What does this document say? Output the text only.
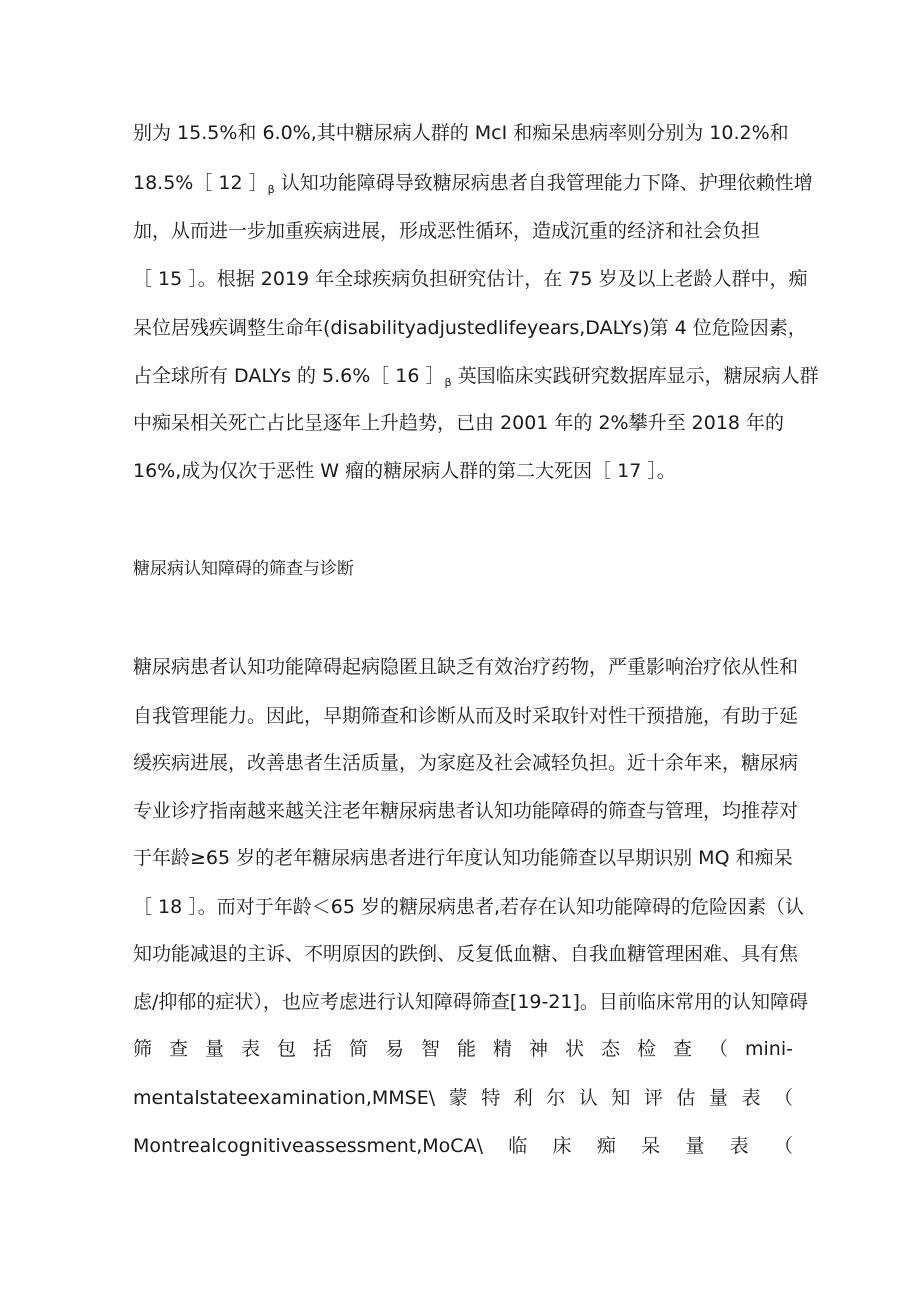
别为 15.5%和 6.0%,其中糖尿病人群的 McI 和痴呆患病率则分别为 10.2%和
18.5%［ 12 $]_\beta$ 认知功能障碍导致糖尿病患者自我管理能力下降、护理依赖性增
加，从而进一步加重疾病进展，形成恶性循环，造成沉重的经济和社会负担
［ 15 ］。根据 2019 年全球疾病负担研究估计，在 75 岁及以上老龄人群中，痴
呆位居残疾调整生命年(disabilityadjustedlifeyears,DALYs)第 4 位危险因素，
占全球所有 DALYs 的 5.6%［ 16 $]_\beta$ 英国临床实践研究数据库显示，糖尿病人群
中痴呆相关死亡占比呈逐年上升趋势，已由 2001 年的 2%攀升至 2018 年的
16%,成为仅次于恶性 W 瘤的糖尿病人群的第二大死因［ 17 ］。
糖尿病认知障碍的筛查与诊断
糖尿病患者认知功能障碍起病隐匿且缺乏有效治疗药物，严重影响治疗依从性和
自我管理能力。因此，早期筛查和诊断从而及时采取针对性干预措施，有助于延
缓疾病进展，改善患者生活质量，为家庭及社会减轻负担。近十余年来，糖尿病
专业诊疗指南越来越关注老年糖尿病患者认知功能障碍的筛查与管理，均推荐对
于年龄≥65 岁的老年糖尿病患者进行年度认知功能筛查以早期识别 MQ 和痴呆
［ 18 ］。而对于年龄＜65 岁的糖尿病患者,若存在认知功能障碍的危险因素（认
知功能减退的主诉、不明原因的跌倒、反复低血糖、自我血糖管理困难、具有焦
虑/抑郁的症状），也应考虑进行认知障碍筛查[19-21]。目前临床常用的认知障碍
筛 查 量 表 包 括 简 易 智 能 精 神 状 态 检 查 （ mini-
mentalstateexamination,MMSE\ 蒙 特 利 尔 认 知 评 估 量 表 （
Montrealcognitiveassessment,MoCA\ 临 床 痴 呆 量 表 （
